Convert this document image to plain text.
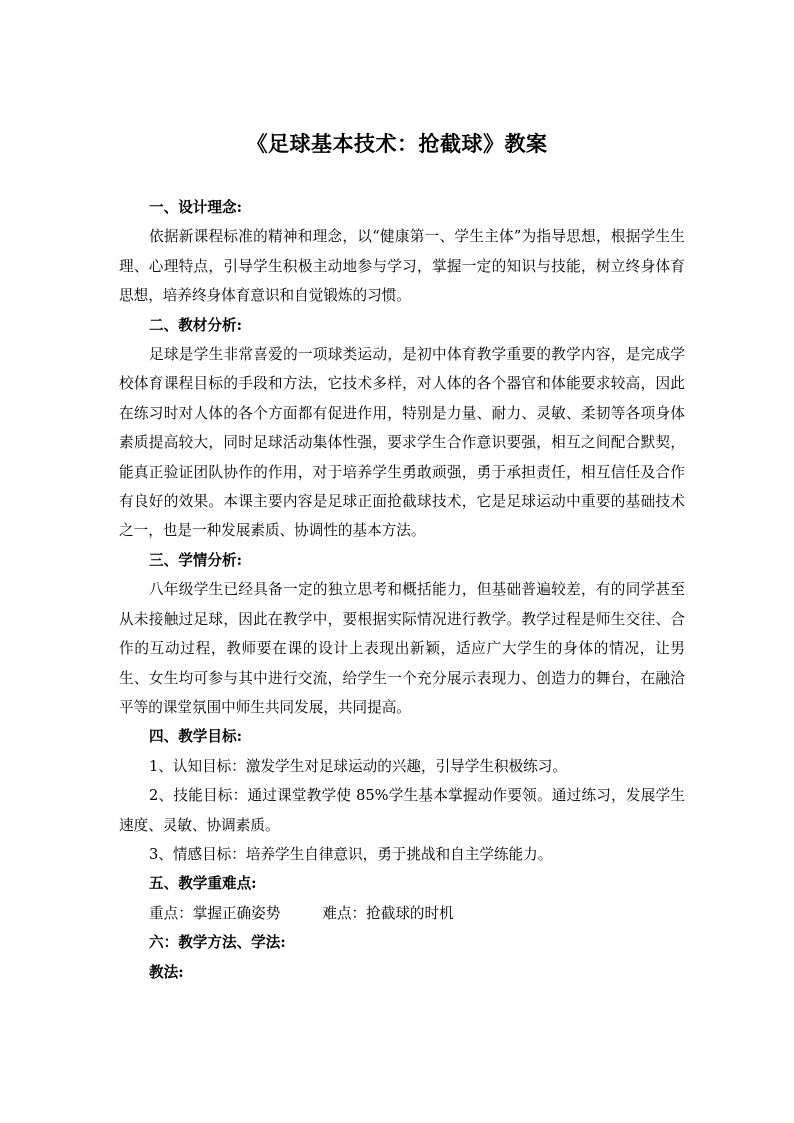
《足球基本技术：抢截球》教案
一、设计理念:
依据新课程标准的精神和理念，以“健康第一、学生主体”为指导思想，根据学生生理、心理特点，引导学生积极主动地参与学习，掌握一定的知识与技能，树立终身体育思想，培养终身体育意识和自觉锻炼的习惯。
二、教材分析:
足球是学生非常喜爱的一项球类运动，是初中体育教学重要的教学内容，是完成学校体育课程目标的手段和方法，它技术多样，对人体的各个器官和体能要求较高，因此在练习时对人体的各个方面都有促进作用，特别是力量、耐力、灵敏、柔韧等各项身体素质提高较大，同时足球活动集体性强，要求学生合作意识要强，相互之间配合默契，能真正验证团队协作的作用，对于培养学生勇敢顽强，勇于承担责任，相互信任及合作有良好的效果。本课主要内容是足球正面抢截球技术，它是足球运动中重要的基础技术之一，也是一种发展素质、协调性的基本方法。
三、学情分析:
八年级学生已经具备一定的独立思考和概括能力，但基础普遍较差，有的同学甚至从未接触过足球，因此在教学中，要根据实际情况进行教学。教学过程是师生交往、合作的互动过程，教师要在课的设计上表现出新颖，适应广大学生的身体的情况，让男生、女生均可参与其中进行交流，给学生一个充分展示表现力、创造力的舞台，在融洽平等的课堂氛围中师生共同发展，共同提高。
四、教学目标:
1、认知目标：激发学生对足球运动的兴趣，引导学生积极练习。
2、技能目标：通过课堂教学使 85%学生基本掌握动作要领。通过练习，发展学生速度、灵敏、协调素质。
3、情感目标：培养学生自律意识，勇于挑战和自主学练能力。
五、教学重难点:
重点：掌握正确姿势	难点：抢截球的时机
六：教学方法、学法:
教法:
